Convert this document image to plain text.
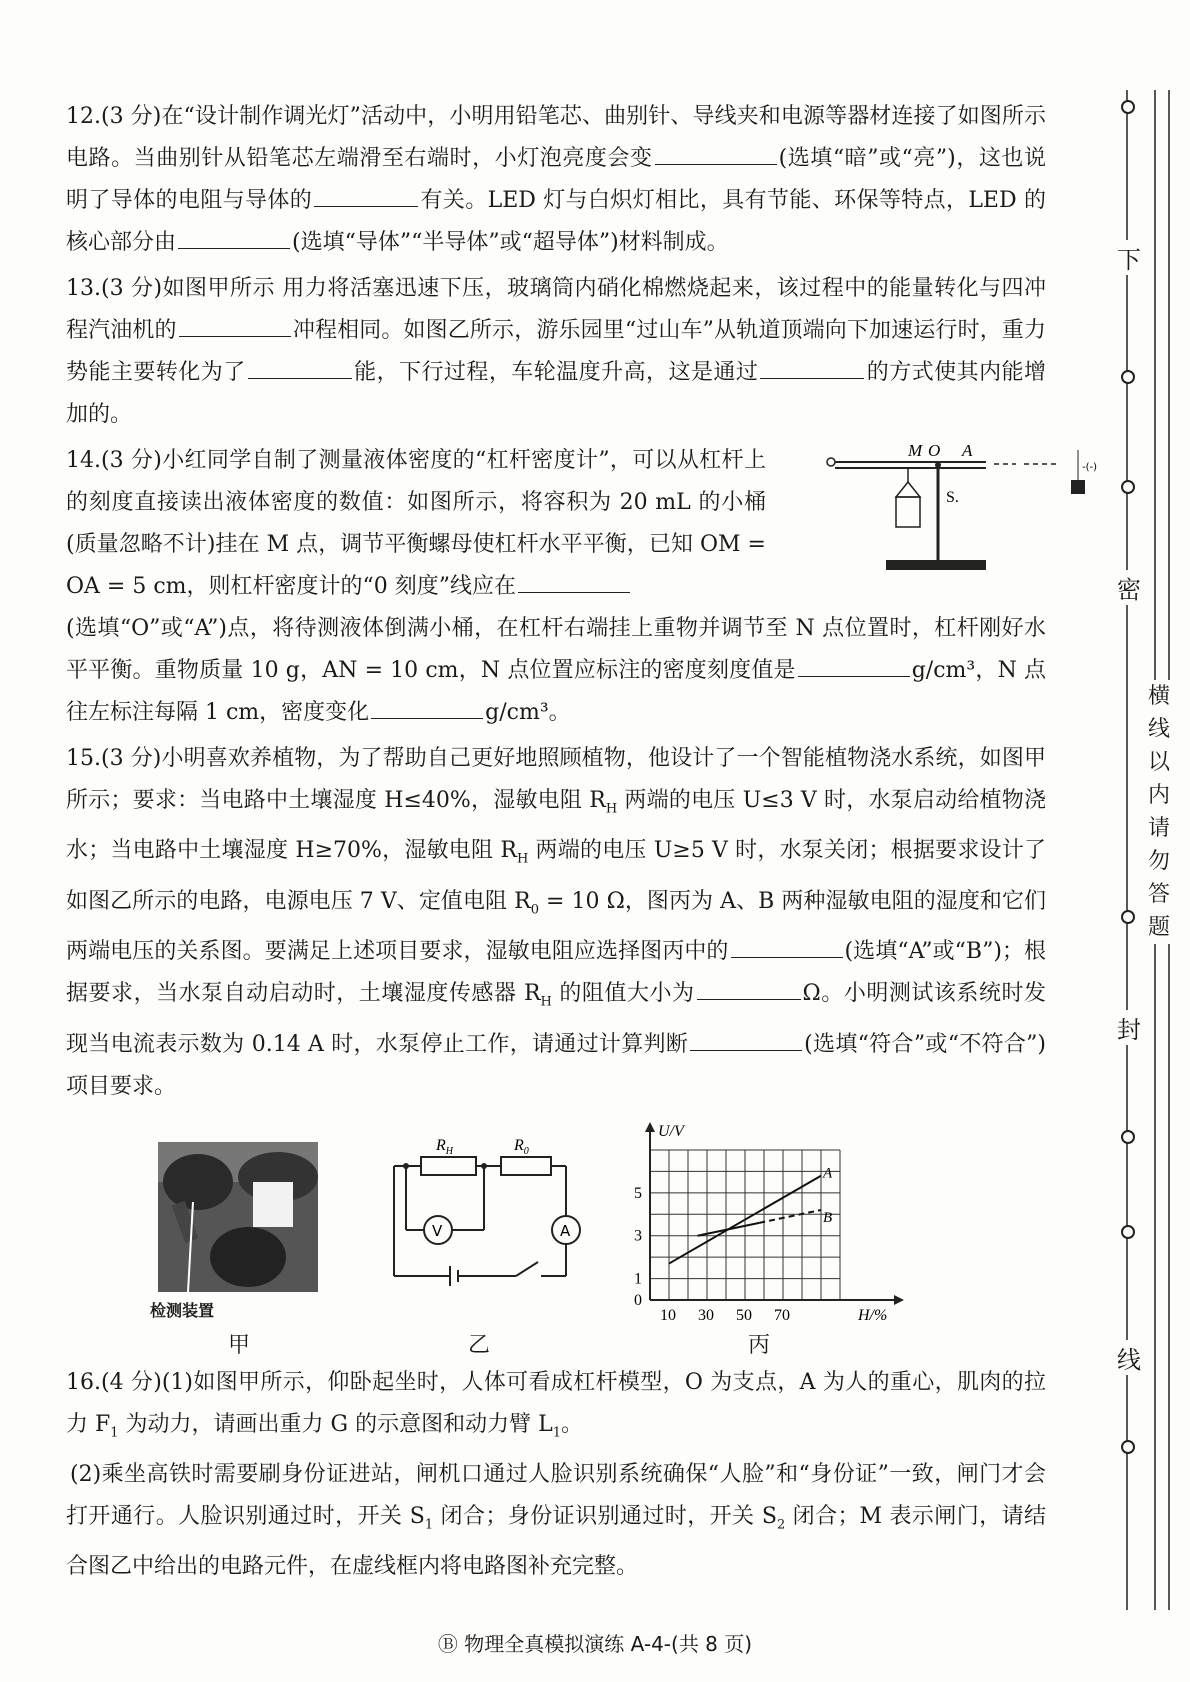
12.(3 分)在“设计制作调光灯”活动中，小明用铅笔芯、曲别针、导线夹和电源等器材连接了如图所示电路。当曲别针从铅笔芯左端滑至右端时，小灯泡亮度会变	(选填“暗”或“亮”)，这也说明了导体的电阻与导体的	有关。LED 灯与白炽灯相比，具有节能、环保等特点，LED 的核心部分由	(选填“导体”“半导体”或“超导体”)材料制成。
13.(3 分)如图甲所示 用力将活塞迅速下压，玻璃筒内硝化棉燃烧起来，该过程中的能量转化与四冲程汽油机的	冲程相同。如图乙所示，游乐园里“过山车”从轨道顶端向下加速运行时，重力势能主要转化为了	能，下行过程，车轮温度升高，这是通过	的方式使其内能增加的。
14.(3 分)小红同学自制了测量液体密度的“杠杆密度计”，可以从杠杆上的刻度直接读出液体密度的数值：如图所示，将容积为 20 mL 的小桶(质量忽略不计)挂在 M 点，调节平衡螺母使杠杆水平平衡，已知 OM = OA = 5 cm，则杠杆密度计的“0 刻度”线应在
(选填“O”或“A”)点，将待测液体倒满小桶，在杠杆右端挂上重物并调节至 N 点位置时，杠杆刚好水平平衡。重物质量 10 g，AN = 10 cm，N 点位置应标注的密度刻度值是	g/cm³，N 点往左标注每隔 1 cm，密度变化	g/cm³。
M O A
S.
-(-)
15.(3 分)小明喜欢养植物，为了帮助自己更好地照顾植物，他设计了一个智能植物浇水系统，如图甲所示；要求：当电路中土壤湿度 H≤40%，湿敏电阻 $R_H$ 两端的电压 U≤3 V 时，水泵启动给植物浇水；当电路中土壤湿度 H≥70%，湿敏电阻 $R_H$ 两端的电压 U≥5 V 时，水泵关闭；根据要求设计了如图乙所示的电路，电源电压 7 V、定值电阻 $R_0 = 10$ Ω，图丙为 A、B 两种湿敏电阻的湿度和它们两端电压的关系图。要满足上述项目要求，湿敏电阻应选择图丙中的	(选填“A”或“B”)；根据要求，当水泵自动启动时，土壤湿度传感器 $R_H$ 的阻值大小为	Ω。小明测试该系统时发现当电流表示数为 0.14 A 时，水泵停止工作，请通过计算判断	(选填“符合”或“不符合”)项目要求。
检测装置
甲
$R_H$	$R_0$
V	A
乙
10 30 50 70
0
1
3
5
H/%
U/V
A
B
丙
16.(4 分)(1)如图甲所示，仰卧起坐时，人体可看成杠杆模型，O 为支点，A 为人的重心，肌肉的拉力 $F_1$ 为动力，请画出重力 G 的示意图和动力臂 $L_1$。
(2)乘坐高铁时需要刷身份证进站，闸机口通过人脸识别系统确保“人脸”和“身份证”一致，闸门才会打开通行。人脸识别通过时，开关 $S_1$ 闭合；身份证识别通过时，开关 $S_2$ 闭合；M 表示闸门，请结合图乙中给出的电路元件，在虚线框内将电路图补充完整。
Ⓑ 物理全真模拟演练 A-4-(共 8 页)
下
密
横线以内请勿答题
封
线
